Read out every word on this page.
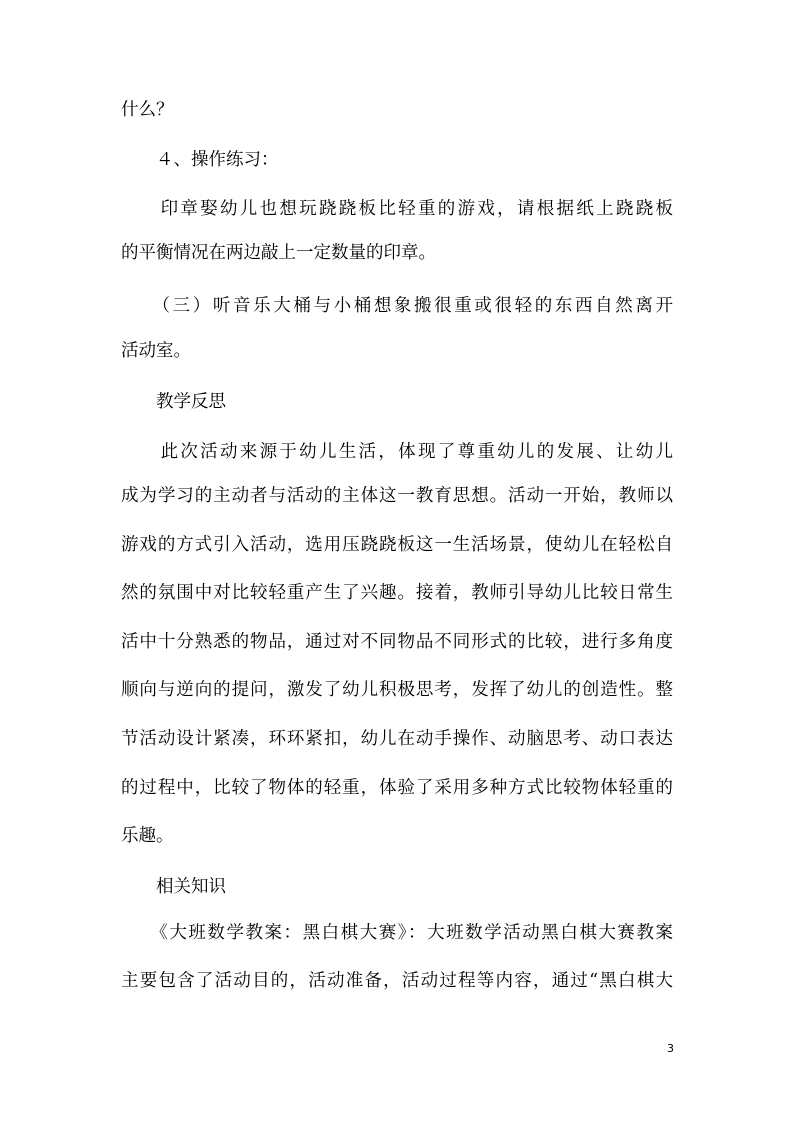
什么？

　　４、操作练习：

　　印章娶幼儿也想玩跷跷板比轻重的游戏，请根据纸上跷跷板

的平衡情况在两边敲上一定数量的印章。

　　（三）听音乐大桶与小桶想象搬很重或很轻的东西自然离开

活动室。

　　教学反思

　　此次活动来源于幼儿生活，体现了尊重幼儿的发展、让幼儿

成为学习的主动者与活动的主体这一教育思想。活动一开始，教师以

游戏的方式引入活动，选用压跷跷板这一生活场景，使幼儿在轻松自

然的氛围中对比较轻重产生了兴趣。接着，教师引导幼儿比较日常生

活中十分熟悉的物品，通过对不同物品不同形式的比较，进行多角度

顺向与逆向的提问，激发了幼儿积极思考，发挥了幼儿的创造性。整

节活动设计紧凑，环环紧扣，幼儿在动手操作、动脑思考、动口表达

的过程中，比较了物体的轻重，体验了采用多种方式比较物体轻重的

乐趣。

　　相关知识

　　《大班数学教案：黑白棋大赛》：大班数学活动黑白棋大赛教案

主要包含了活动目的，活动准备，活动过程等内容，通过“黑白棋大

3
